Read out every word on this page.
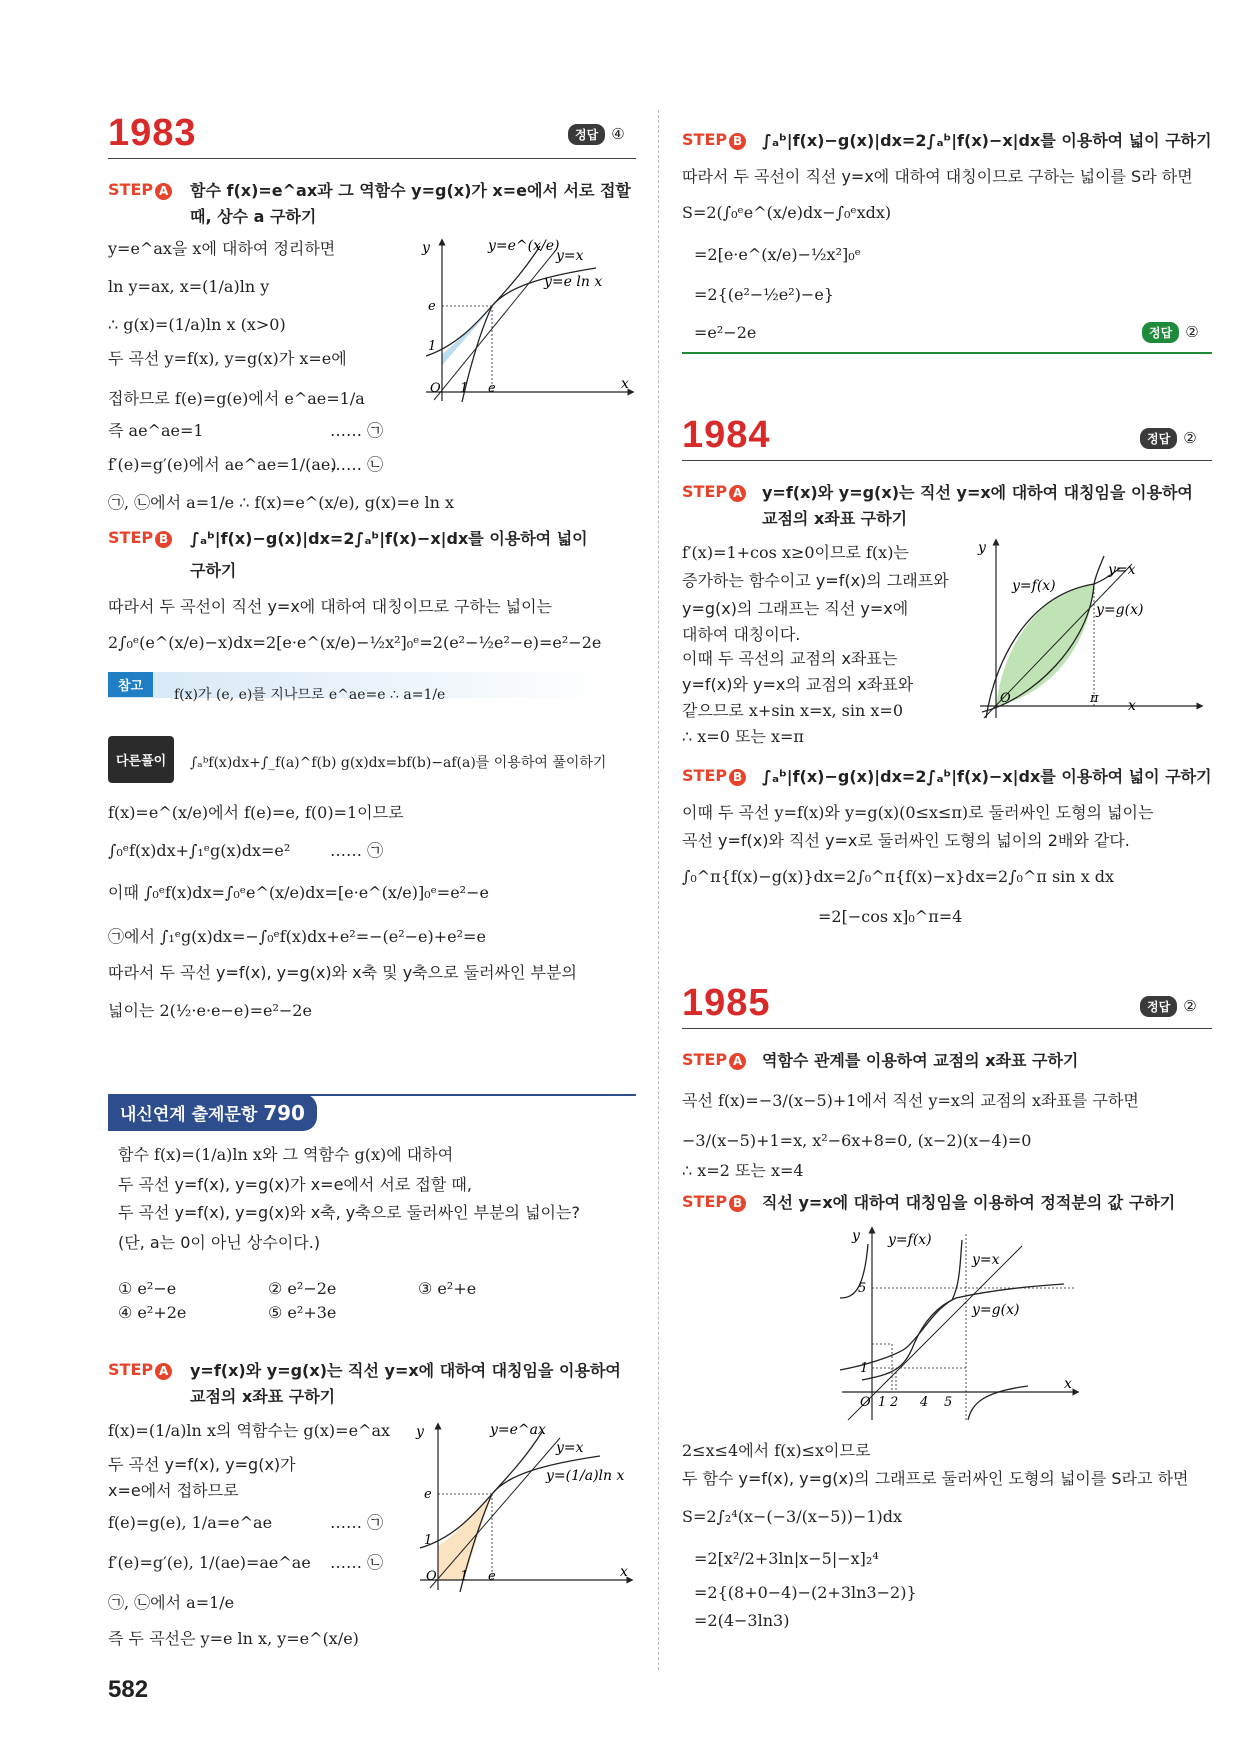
1983	정답 ④
STEP A 함수 f(x)=e^ax과 그 역함수 y=g(x)가 x=e에서 서로 접할
때, 상수 a 구하기
y=e^ax을 x에 대하여 정리하면
ln y=ax, x=(1/a)ln y
∴ g(x)=(1/a)ln x (x>0)
두 곡선 y=f(x), y=g(x)가 x=e에
접하므로 f(e)=g(e)에서 e^ae=1/a
즉 ae^ae=1	…… ㉠
f′(e)=g′(e)에서 ae^ae=1/(ae)
…… ㉡
㉠, ㉡에서 a=1/e ∴ f(x)=e^(x/e), g(x)=e ln x
y
x
O 1 e
1
e
y=e^(x/e)
y=x
y=e ln x
STEP B ∫ₐᵇ|f(x)−g(x)|dx=2∫ₐᵇ|f(x)−x|dx를 이용하여 넓이
구하기
따라서 두 곡선이 직선 y=x에 대하여 대칭이므로 구하는 넓이는
2∫₀ᵉ(e^(x/e)−x)dx=2[e·e^(x/e)−½x²]₀ᵉ=2(e²−½e²−e)=e²−2e
참고
f(x)가 (e, e)를 지나므로 e^ae=e ∴ a=1/e
다른풀이	∫ₐᵇf(x)dx+∫_f(a)^f(b) g(x)dx=bf(b)−af(a)를 이용하여 풀이하기
f(x)=e^(x/e)에서 f(e)=e, f(0)=1이므로
∫₀ᵉf(x)dx+∫₁ᵉg(x)dx=e² …… ㉠
이때 ∫₀ᵉf(x)dx=∫₀ᵉe^(x/e)dx=[e·e^(x/e)]₀ᵉ=e²−e
㉠에서 ∫₁ᵉg(x)dx=−∫₀ᵉf(x)dx+e²=−(e²−e)+e²=e
따라서 두 곡선 y=f(x), y=g(x)와 x축 및 y축으로 둘러싸인 부분의
넓이는 2(½·e·e−e)=e²−2e
내신연계 출제문항 790
함수 f(x)=(1/a)ln x와 그 역함수 g(x)에 대하여
두 곡선 y=f(x), y=g(x)가 x=e에서 서로 접할 때,
두 곡선 y=f(x), y=g(x)와 x축, y축으로 둘러싸인 부분의 넓이는?
(단, a는 0이 아닌 상수이다.)
① e²−e	② e²−2e	③ e²+e
④ e²+2e	⑤ e²+3e
STEP A y=f(x)와 y=g(x)는 직선 y=x에 대하여 대칭임을 이용하여
교점의 x좌표 구하기
f(x)=(1/a)ln x의 역함수는 g(x)=e^ax
두 곡선 y=f(x), y=g(x)가
x=e에서 접하므로
f(e)=g(e), 1/a=e^ae	…… ㉠
f′(e)=g′(e), 1/(ae)=ae^ae …… ㉡
㉠, ㉡에서 a=1/e
즉 두 곡선은 y=e ln x, y=e^(x/e)
y
x
O 1 e
1
e
y=e^ax
y=x
y=(1/a)ln x
582
STEP B ∫ₐᵇ|f(x)−g(x)|dx=2∫ₐᵇ|f(x)−x|dx를 이용하여 넓이 구하기
따라서 두 곡선이 직선 y=x에 대하여 대칭이므로 구하는 넓이를 S라 하면
S=2(∫₀ᵉe^(x/e)dx−∫₀ᵉxdx)
=2[e·e^(x/e)−½x²]₀ᵉ
=2{(e²−½e²)−e}
=e²−2e	정답 ②
1984	정답 ②
STEP A y=f(x)와 y=g(x)는 직선 y=x에 대하여 대칭임을 이용하여
교점의 x좌표 구하기
f′(x)=1+cos x≥0이므로 f(x)는
증가하는 함수이고 y=f(x)의 그래프와
y=g(x)의 그래프는 직선 y=x에
대하여 대칭이다.
이때 두 곡선의 교점의 x좌표는
y=f(x)와 y=x의 교점의 x좌표와
같으므로 x+sin x=x, sin x=0
∴ x=0 또는 x=π
y
x
O	π
y=f(x)
y=x
y=g(x)
STEP B ∫ₐᵇ|f(x)−g(x)|dx=2∫ₐᵇ|f(x)−x|dx를 이용하여 넓이 구하기
이때 두 곡선 y=f(x)와 y=g(x)(0≤x≤π)로 둘러싸인 도형의 넓이는
곡선 y=f(x)와 직선 y=x로 둘러싸인 도형의 넓이의 2배와 같다.
∫₀^π{f(x)−g(x)}dx=2∫₀^π{f(x)−x}dx=2∫₀^π sin x dx
=2[−cos x]₀^π=4
1985	정답 ②
STEP A 역함수 관계를 이용하여 교점의 x좌표 구하기
곡선 f(x)=−3/(x−5)+1에서 직선 y=x의 교점의 x좌표를 구하면
−3/(x−5)+1=x, x²−6x+8=0, (x−2)(x−4)=0
∴ x=2 또는 x=4
STEP B 직선 y=x에 대하여 대칭임을 이용하여 정적분의 값 구하기
y
x
O 1 2 4 5
5
1
y=f(x)
y=x
y=g(x)
2≤x≤4에서 f(x)≤x이므로
두 함수 y=f(x), y=g(x)의 그래프로 둘러싸인 도형의 넓이를 S라고 하면
S=2∫₂⁴(x−(−3/(x−5))−1)dx
=2[x²/2+3ln|x−5|−x]₂⁴
=2{(8+0−4)−(2+3ln3−2)}
=2(4−3ln3)
